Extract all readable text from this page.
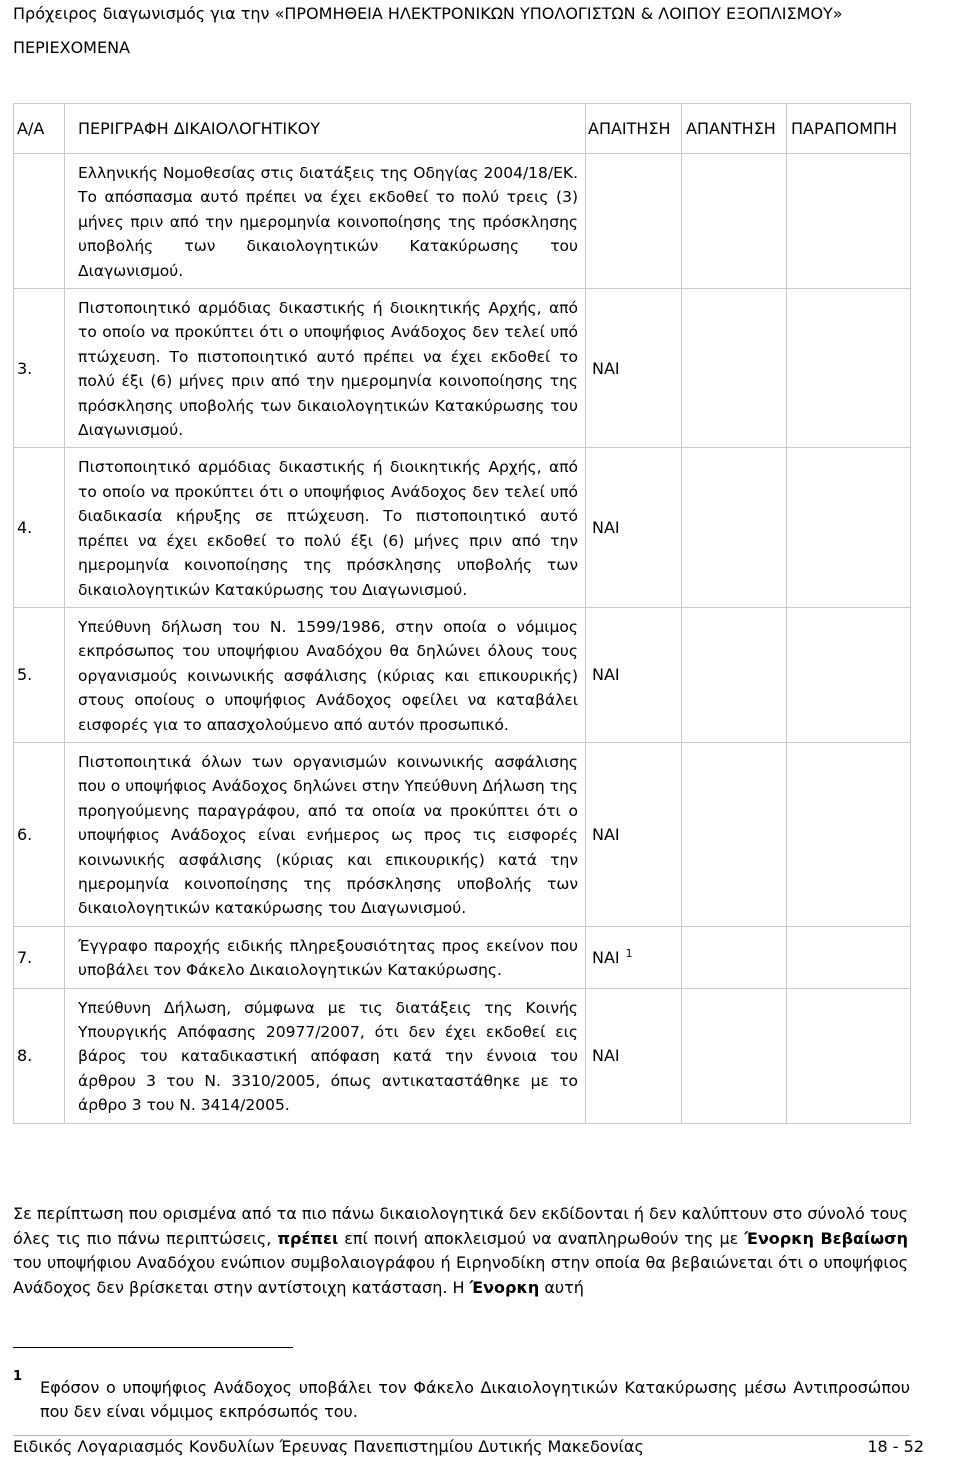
Πρόχειρος διαγωνισμός για την «ΠΡΟΜΗΘΕΙΑ ΗΛΕΚΤΡΟΝΙΚΩΝ ΥΠΟΛΟΓΙΣΤΩΝ & ΛΟΙΠΟΥ ΕΞΟΠΛΙΣΜΟΥ»
ΠΕΡΙΕΧΟΜΕΝΑ
Α/Α	ΠΕΡΙΓΡΑΦΗ ΔΙΚΑΙΟΛΟΓΗΤΙΚΟΥ	ΑΠΑΙΤΗΣΗ	ΑΠΑΝΤΗΣΗ	ΠΑΡΑΠΟΜΠΗ

	Ελληνικής Νομοθεσίας στις διατάξεις της Οδηγίας 2004/18/ΕΚ. Το απόσπασμα αυτό πρέπει να έχει εκδοθεί το πολύ τρεις (3) μήνες πριν από την ημερομηνία κοινοποίησης της πρόσκλησης υποβολής των δικαιολογητικών Κατακύρωσης του Διαγωνισμού.			

3.	Πιστοποιητικό αρμόδιας δικαστικής ή διοικητικής Αρχής, από το οποίο να προκύπτει ότι ο υποψήφιος Ανάδοχος δεν τελεί υπό πτώχευση. Το πιστοποιητικό αυτό πρέπει να έχει εκδοθεί το πολύ έξι (6) μήνες πριν από την ημερομηνία κοινοποίησης της πρόσκλησης υποβολής των δικαιολογητικών Κατακύρωσης του Διαγωνισμού.	ΝΑΙ		
4.	Πιστοποιητικό αρμόδιας δικαστικής ή διοικητικής Αρχής, από το οποίο να προκύπτει ότι ο υποψήφιος Ανάδοχος δεν τελεί υπό διαδικασία κήρυξης σε πτώχευση. Το πιστοποιητικό αυτό πρέπει να έχει εκδοθεί το πολύ έξι (6) μήνες πριν από την ημερομηνία κοινοποίησης της πρόσκλησης υποβολής των δικαιολογητικών Κατακύρωσης του Διαγωνισμού.	ΝΑΙ		
5.	Υπεύθυνη δήλωση του Ν. 1599/1986, στην οποία ο νόμιμος εκπρόσωπος του υποψήφιου Αναδόχου θα δηλώνει όλους τους οργανισμούς κοινωνικής ασφάλισης (κύριας και επικουρικής) στους οποίους ο υποψήφιος Ανάδοχος οφείλει να καταβάλει εισφορές για το απασχολούμενο από αυτόν προσωπικό.	ΝΑΙ		
6.	Πιστοποιητικά όλων των οργανισμών κοινωνικής ασφάλισης που ο υποψήφιος Ανάδοχος δηλώνει στην Υπεύθυνη Δήλωση της προηγούμενης παραγράφου, από τα οποία να προκύπτει ότι ο υποψήφιος Ανάδοχος είναι ενήμερος ως προς τις εισφορές κοινωνικής ασφάλισης (κύριας και επικουρικής) κατά την ημερομηνία κοινοποίησης της πρόσκλησης υποβολής των δικαιολογητικών κατακύρωσης του Διαγωνισμού.	ΝΑΙ		
7.	Έγγραφο παροχής ειδικής πληρεξουσιότητας προς εκείνον που υποβάλει τον Φάκελο Δικαιολογητικών Κατακύρωσης.	ΝΑΙ $^1$		
8.	Υπεύθυνη Δήλωση, σύμφωνα με τις διατάξεις της Κοινής Υπουργικής Απόφασης 20977/2007, ότι δεν έχει εκδοθεί εις βάρος του καταδικαστική απόφαση κατά την έννοια του άρθρου 3 του Ν. 3310/2005, όπως αντικαταστάθηκε με το άρθρο 3 του Ν. 3414/2005.	ΝΑΙ		

Σε περίπτωση που ορισμένα από τα πιο πάνω δικαιολογητικά δεν εκδίδονται ή δεν καλύπτουν στο σύνολό τους όλες τις πιο πάνω περιπτώσεις, πρέπει επί ποινή αποκλεισμού να αναπληρωθούν της με Ένορκη Βεβαίωση του υποψήφιου Αναδόχου ενώπιον συμβολαιογράφου ή Ειρηνοδίκη στην οποία θα βεβαιώνεται ότι ο υποψήφιος Ανάδοχος δεν βρίσκεται στην αντίστοιχη κατάσταση. Η Ένορκη αυτή

1

Εφόσον ο υποψήφιος Ανάδοχος υποβάλει τον Φάκελο Δικαιολογητικών Κατακύρωσης μέσω Αντιπροσώπου που δεν είναι νόμιμος εκπρόσωπός του.

Ειδικός Λογαριασμός Κονδυλίων Έρευνας Πανεπιστημίου Δυτικής Μακεδονίας	18 - 52
